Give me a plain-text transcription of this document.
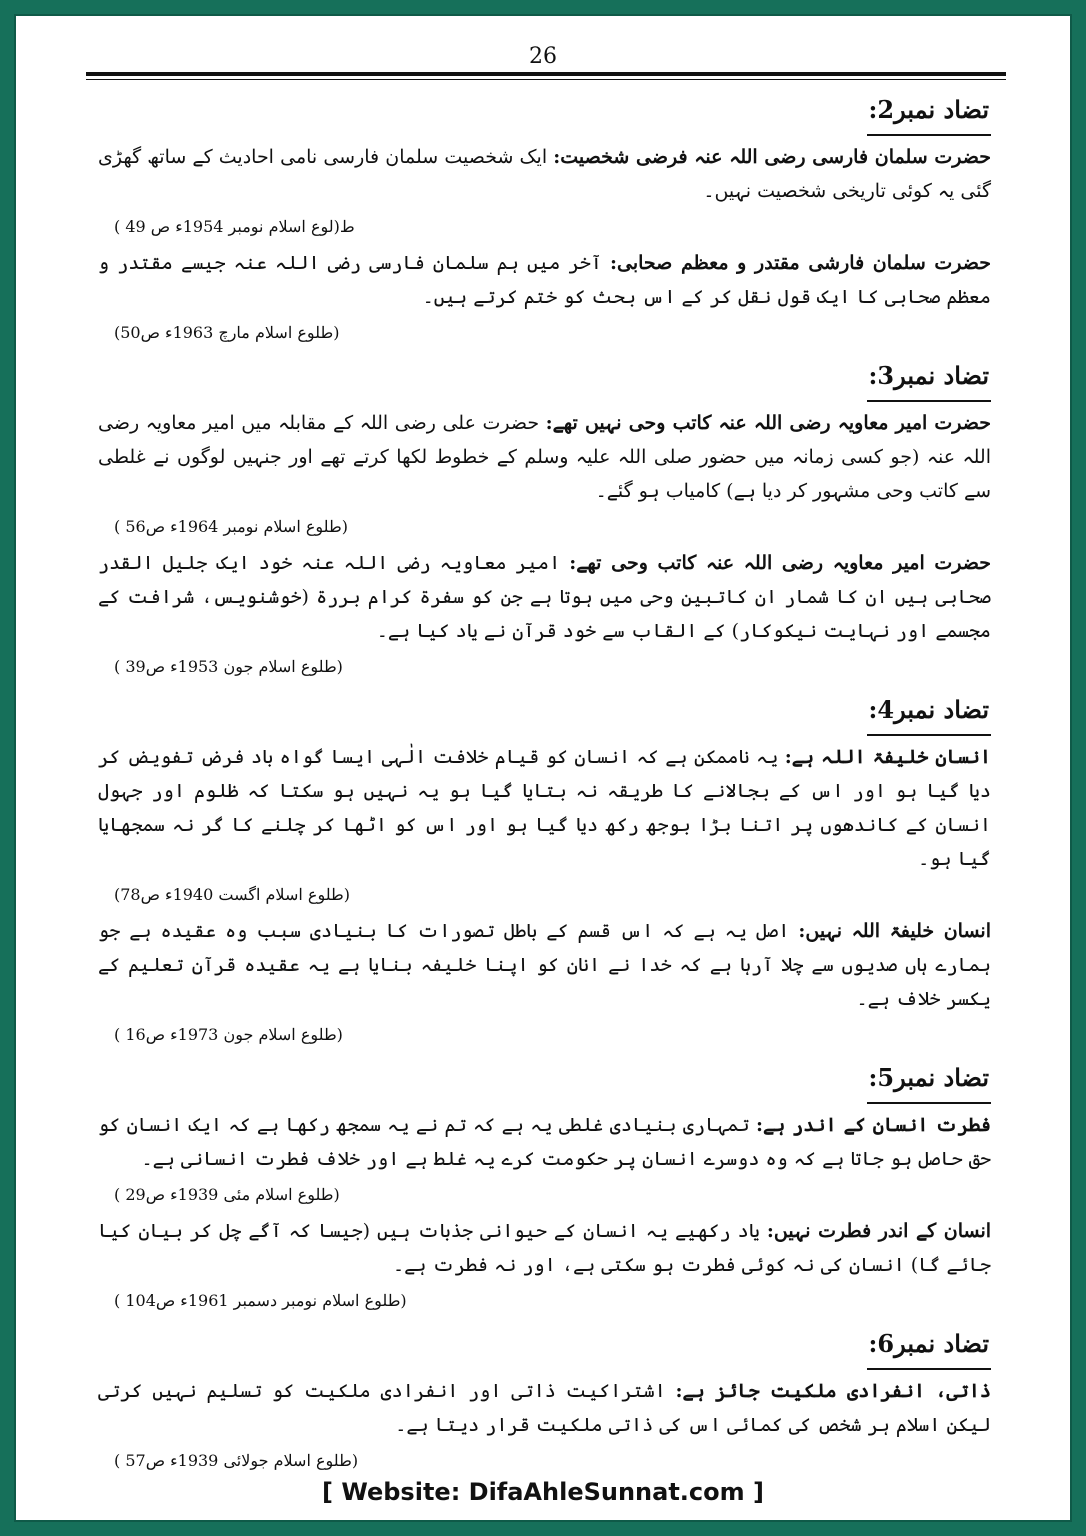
26
تضاد نمبر2:

حضرت سلمان فارسی رضی اللہ عنہ فرضی شخصیت: ایک شخصیت سلمان فارسی نامی احادیث کے ساتھ گھڑی گئی یہ کوئی تاریخی شخصیت نہیں۔

ط(لوع اسلام نومبر 1954ء ص 49 )

حضرت سلمان فارشی مقتدر و معظم صحابی: آخر میں ہم سلمان فارسی رضی اللہ عنہ جیسے مقتدر و معظم صحابی کا ایک قول نقل کر کے اس بحث کو ختم کرتے ہیں۔

(طلوع اسلام مارچ 1963ء ص50)
تضاد نمبر3:

حضرت امیر معاویہ رضی اللہ عنہ کاتب وحی نہیں تھے: حضرت علی رضی اللہ کے مقابلہ میں امیر معاویہ رضی اللہ عنہ (جو کسی زمانہ میں حضور صلی اللہ علیہ وسلم کے خطوط لکھا کرتے تھے اور جنہیں لوگوں نے غلطی سے کاتب وحی مشہور کر دیا ہے) کامیاب ہو گئے۔

(طلوع اسلام نومبر 1964ء ص56 )

حضرت امیر معاویہ رضی اللہ عنہ کاتب وحی تھے: امیر معاویہ رضی اللہ عنہ خود ایک جلیل القدر صحابی ہیں ان کا شمار ان کاتبین وحی میں ہوتا ہے جن کو سفرۃ کرام بررۃ (خوشنویس، شرافت کے مجسمے اور نہایت نیکوکار) کے القاب سے خود قرآن نے یاد کیا ہے۔

(طلوع اسلام جون 1953ء ص39 )
تضاد نمبر4:

انسان خلیفۃ اللہ ہے: یہ ناممکن ہے کہ انسان کو قیام خلافت الٰہی ایسا گواہ باد فرض تفویض کر دیا گیا ہو اور اس کے بجالانے کا طریقہ نہ بتایا گیا ہو یہ نہیں ہو سکتا کہ ظلوم اور جہول انسان کے کاندھوں پر اتنا بڑا بوجھ رکھ دیا گیا ہو اور اس کو اٹھا کر چلنے کا گر نہ سمجھایا گیا ہو۔

(طلوع اسلام اگست 1940ء ص78)

انسان خلیفۃ اللہ نہیں: اصل یہ ہے کہ اس قسم کے باطل تصورات کا بنیادی سبب وہ عقیدہ ہے جو ہمارے ہاں صدیوں سے چلا آرہا ہے کہ خدا نے انان کو اپنا خلیفہ بنایا ہے یہ عقیدہ قرآن تعلیم کے یکسر خلاف ہے۔

(طلوع اسلام جون 1973ء ص16 )
تضاد نمبر5:

فطرت انسان کے اندر ہے: تمہاری بنیادی غلطی یہ ہے کہ تم نے یہ سمجھ رکھا ہے کہ ایک انسان کو حق حاصل ہو جاتا ہے کہ وہ دوسرے انسان پر حکومت کرے یہ غلط ہے اور خلاف فطرت انسانی ہے۔

(طلوع اسلام مئی 1939ء ص29 )

انسان کے اندر فطرت نہیں: یاد رکھیے یہ انسان کے حیوانی جذبات ہیں (جیسا کہ آگے چل کر بیان کیا جائے گا) انسان کی نہ کوئی فطرت ہو سکتی ہے، اور نہ فطرت ہے۔

(طلوع اسلام نومبر دسمبر 1961ء ص104 )
تضاد نمبر6:

ذاتی، انفرادی ملکیت جائز ہے: اشتراکیت ذاتی اور انفرادی ملکیت کو تسلیم نہیں کرتی لیکن اسلام ہر شخص کی کمائی اس کی ذاتی ملکیت قرار دیتا ہے۔

(طلوع اسلام جولائی 1939ء ص57 )
[ Website: DifaAhleSunnat.com ]
